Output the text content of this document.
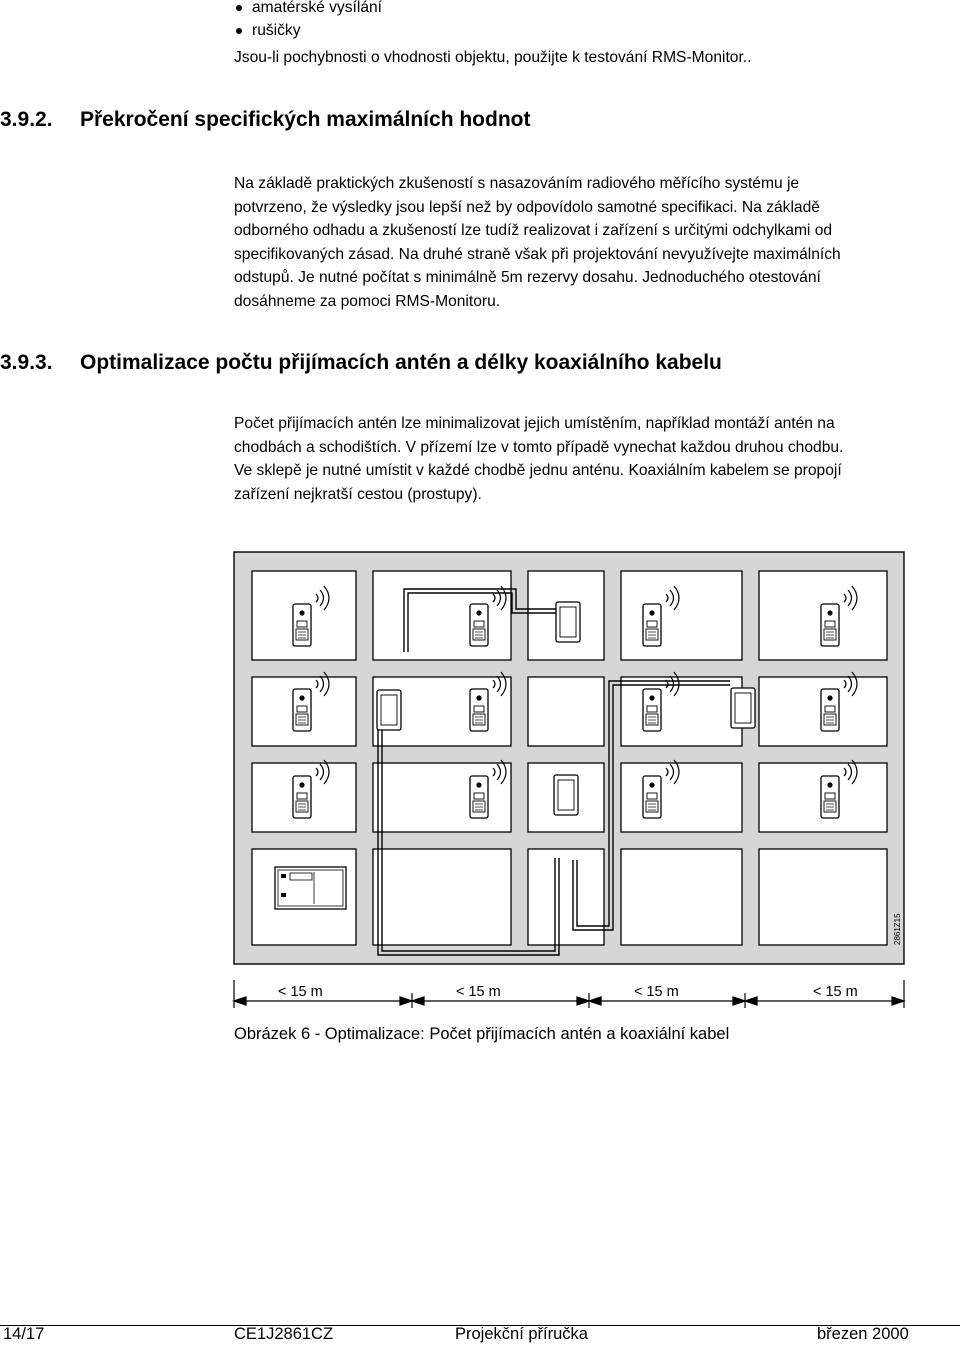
amatérské vysílání
rušičky
Jsou-li pochybnosti o vhodnosti objektu, použijte k testování RMS-Monitor..
3.9.2. Překročení specifických maximálních hodnot
Na základě praktických zkušeností s nasazováním radiového měřícího systému je
potvrzeno, že výsledky jsou lepší než by odpovídolo samotné specifikaci. Na základě
odborného odhadu a zkušeností lze tudíž realizovat i zařízení s určitými odchylkami od
specifikovaných zásad. Na druhé straně však při projektování nevyužívejte maximálních
odstupů. Je nutné počítat s minimálně 5m rezervy dosahu. Jednoduchého otestování
dosáhneme za pomoci RMS-Monitoru.
3.9.3. Optimalizace počtu přijímacích antén a délky koaxiálního kabelu
Počet přijímacích antén lze minimalizovat jejich umístěním, například montáží antén na
chodbách a schodištích. V přízemí lze v tomto případě vynechat každou druhou chodbu.
Ve sklepě je nutné umístit v každé chodbě jednu anténu. Koaxiálním kabelem se propojí
zařízení nejkratší cestou (prostupy).
2861Z15
< 15 m	< 15 m	< 15 m	< 15 m
Obrázek 6 - Optimalizace: Počet přijímacích antén a koaxiální kabel
14/17	CE1J2861CZ	Projekční příručka	březen 2000
